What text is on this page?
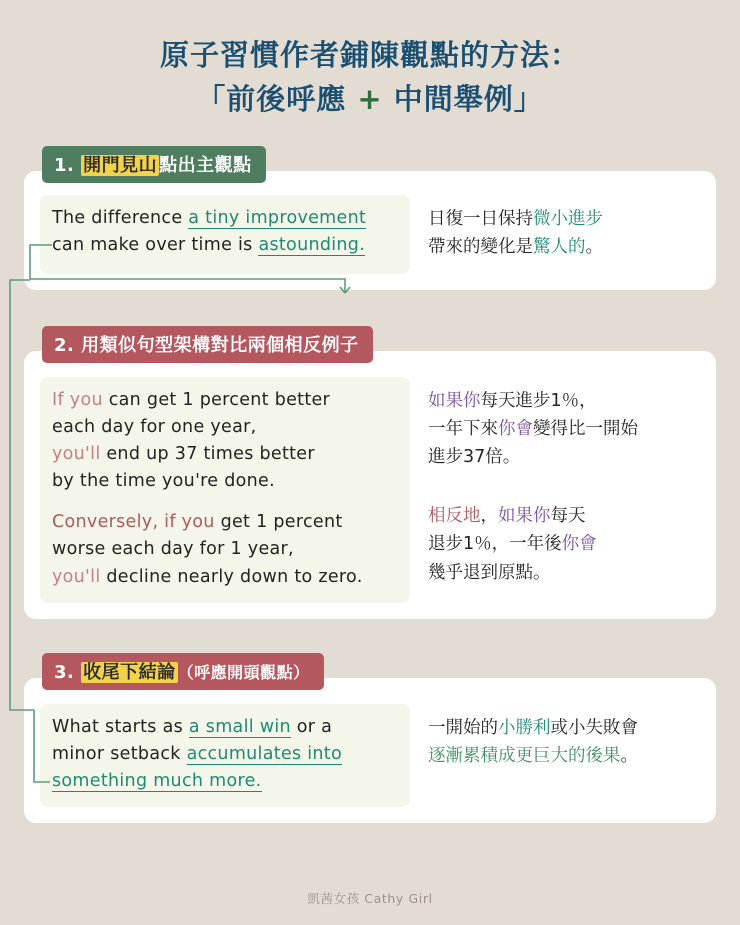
原子習慣作者鋪陳觀點的方法：
「前後呼應 + 中間舉例」
1. 開門見山 點出主觀點
The difference a tiny improvement
can make over time is astounding.
日復一日保持微小進步
帶來的變化是驚人的。
2. 用類似句型架構對比兩個相反例子
If you can get 1 percent better
each day for one year,
you'll end up 37 times better
by the time you're done.
Conversely, if you get 1 percent
worse each day for 1 year,
you'll decline nearly down to zero.
如果你每天進步1％，
一年下來你會變得比一開始
進步37倍。
相反地，如果你每天
退步1％，一年後你會
幾乎退到原點。
3. 收尾下結論 （呼應開頭觀點）
What starts as a small win or a
minor setback accumulates into
something much more.
一開始的小勝利或小失敗會
逐漸累積成更巨大的後果。
凱茜女孩 Cathy Girl
